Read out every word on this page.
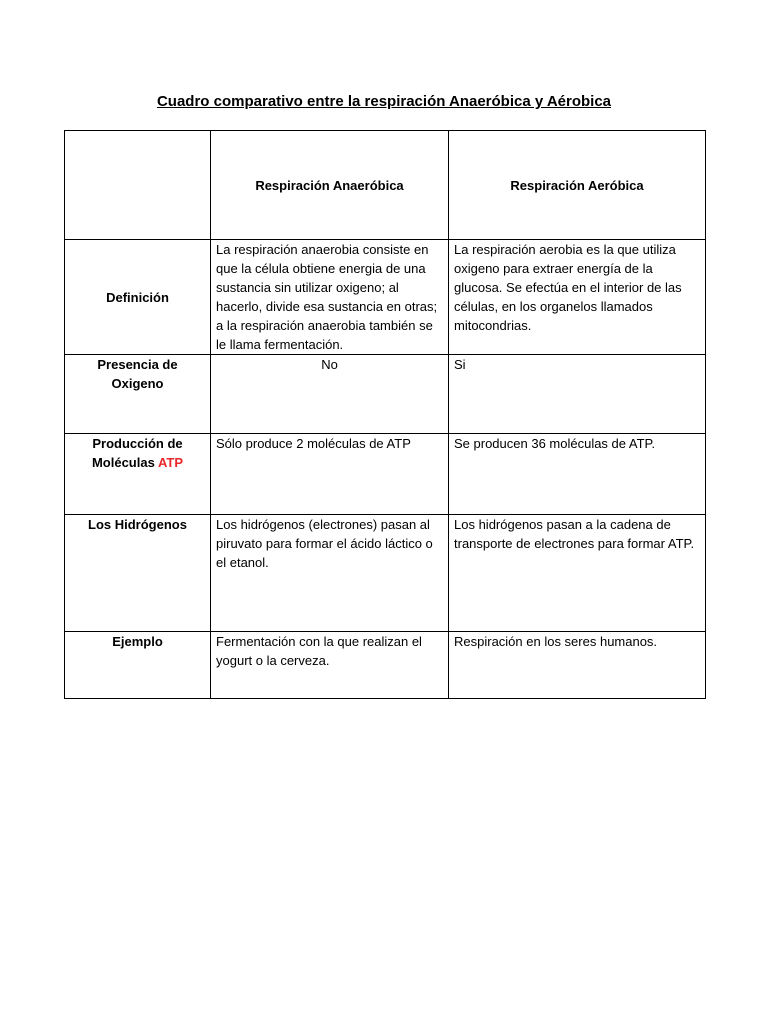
Cuadro comparativo entre la respiración Anaeróbica y Aérobica
	Respiración Anaeróbica	Respiración Aeróbica
Definición	La respiración anaerobia consiste en que la célula obtiene energia de una sustancia sin utilizar oxigeno; al hacerlo, divide esa sustancia en otras; a la respiración anaerobia también se le llama fermentación.	La respiración aerobia es la que utiliza oxigeno para extraer energía de la glucosa. Se efectúa en el interior de las células, en los organelos llamados mitocondrias.
Presencia de Oxigeno	No	Si
Producción de Moléculas ATP	Sólo produce 2 moléculas de ATP	Se producen 36 moléculas de ATP.
Los Hidrógenos	Los hidrógenos (electrones) pasan al piruvato para formar el ácido láctico o el etanol.	Los hidrógenos pasan a la cadena de transporte de electrones para formar ATP.
Ejemplo	Fermentación con la que realizan el yogurt o la cerveza.	Respiración en los seres humanos.
